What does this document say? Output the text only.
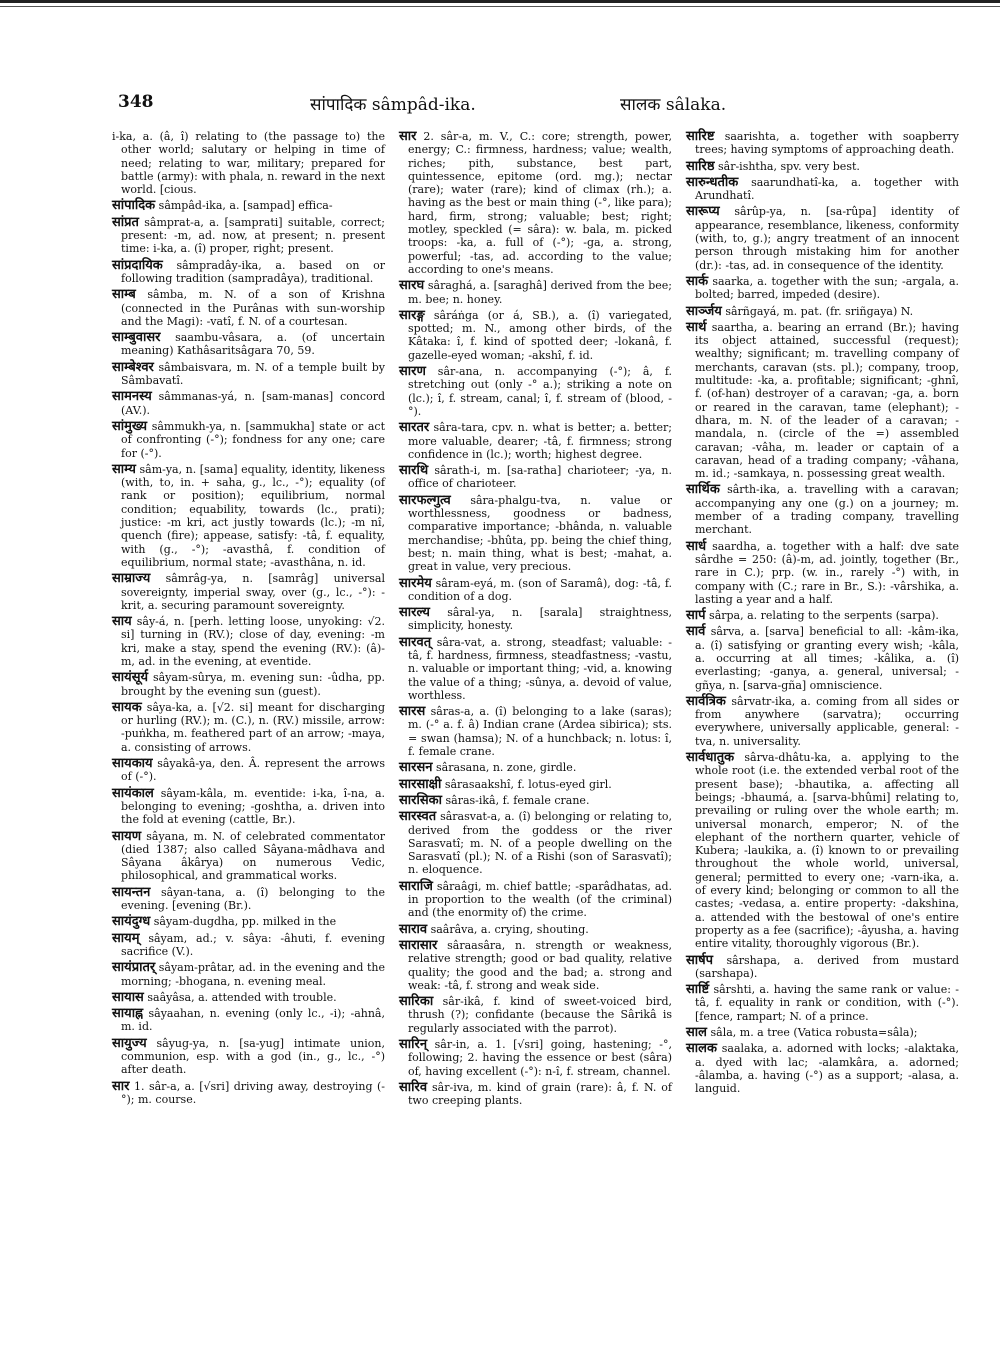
348	सांपादिक sâmpâd-ika.	सालक sâlaka.

i-ka, a. (â, î) relating to (the passage to) the other world; salutary or helping in time of need; relating to war, military; prepared for battle (army): with phala, n. reward in the next world. [cious.

सांपादिक sâmpâd-ika, a. [sampad] effica-

सांप्रत sâmprat-a, a. [samprati] suitable, correct; present: -m, ad. now, at present; n. present time: i-ka, a. (î) proper, right; present.

सांप्रदायिक sâmpradây-ika, a. based on or following tradition (sampradâya), traditional.

साम्ब sâmba, m. N. of a son of Krishna (connected in the Purânas with sun-worship and the Magi): -vatî, f. N. of a courtesan.

साम्बुवासर saambu-vâsara, a. (of uncertain meaning) Kathâsaritsâgara 70, 59.

साम्बेश्वर sâmbaisvara, m. N. of a temple built by Sâmbavatî.

सामनस्य sâmmanas-yá, n. [sam-manas] concord (AV.).

सांमुख्य sâmmukh-ya, n. [sammukha] state or act of confronting (-°); fondness for any one; care for (-°).

साम्य sâm-ya, n. [sama] equality, identity, likeness (with, to, in. + saha, g., lc., -°); equality (of rank or position); equilibrium, normal condition; equability, towards (lc., prati); justice: -m kri, act justly towards (lc.); -m nî, quench (fire); appease, satisfy: -tâ, f. equality, with (g., -°); -avasthâ, f. condition of equilibrium, normal state; -avasthâna, n. id.

साम्राज्य sâmrâg-ya, n. [samrâg] universal sovereignty, imperial sway, over (g., lc., -°): -krit, a. securing paramount sovereignty.

साय sây-á, n. [perh. letting loose, unyoking: √2. si] turning in (RV.); close of day, evening: -m kri, make a stay, spend the evening (RV.): (â)-m, ad. in the evening, at eventide.

सायंसूर्य sâyam-sûrya, m. evening sun: -ûdha, pp. brought by the evening sun (guest).

सायक sâya-ka, a. [√2. si] meant for discharging or hurling (RV.); m. (C.), n. (RV.) missile, arrow: -puṅkha, m. feathered part of an arrow; -maya, a. consisting of arrows.

सायकाय sâyakâ-ya, den. Â. represent the arrows of (-°).

सायंकाल sâyam-kâla, m. eventide: i-ka, î-na, a. belonging to evening; -goshtha, a. driven into the fold at evening (cattle, Br.).

सायण sâyana, m. N. of celebrated commentator (died 1387; also called Sâyana-mâdhava and Sâyana âkârya) on numerous Vedic, philosophical, and grammatical works.

सायन्तन sâyan-tana, a. (î) belonging to the evening. [evening (Br.).

सायंदुग्ध sâyam-dugdha, pp. milked in the

सायम् sâyam, ad.; v. sâya: -âhuti, f. evening sacrifice (V.).

सायंप्रातर् sâyam-prâtar, ad. in the evening and the morning; -bhogana, n. evening meal.

सायास saâyâsa, a. attended with trouble.

सायाह्न sâyaahan, n. evening (only lc., -i); -ahnâ, m. id.

सायुज्य sâyug-ya, n. [sa-yug] intimate union, communion, esp. with a god (in., g., lc., -°) after death.

सार 1. sâr-a, a. [√sri] driving away, destroying (-°); m. course.

सार 2. sâr-a, m. V., C.: core; strength, power, energy; C.: firmness, hardness; value; wealth, riches; pith, substance, best part, quintessence, epitome (ord. mg.); nectar (rare); water (rare); kind of climax (rh.); a. having as the best or main thing (-°, like para); hard, firm, strong; valuable; best; right; motley, speckled (= sâra): w. bala, m. picked troops: -ka, a. full of (-°); -ga, a. strong, powerful; -tas, ad. according to the value; according to one's means.

सारघ sâraghá, a. [saraghâ] derived from the bee; m. bee; n. honey.

सारङ्ग sâráṅga (or á, SB.), a. (î) variegated, spotted; m. N., among other birds, of the Kâtaka: î, f. kind of spotted deer; -lokanâ, f. gazelle-eyed woman; -akshî, f. id.

सारण sâr-ana, n. accompanying (-°); â, f. stretching out (only -° a.); striking a note on (lc.); î, f. stream, canal; î, f. stream of (blood, -°).

सारतर sâra-tara, cpv. n. what is better; a. better; more valuable, dearer; -tâ, f. firmness; strong confidence in (lc.); worth; highest degree.

सारथि sârath-i, m. [sa-ratha] charioteer; -ya, n. office of charioteer.

सारफल्गुत्व sâra-phalgu-tva, n. value or worthlessness, goodness or badness, comparative importance; -bhânda, n. valuable merchandise; -bhûta, pp. being the chief thing, best; n. main thing, what is best; -mahat, a. great in value, very precious.

सारमेय sâram-eyá, m. (son of Saramâ), dog: -tâ, f. condition of a dog.

सारल्य sâral-ya, n. [sarala] straightness, simplicity, honesty.

सारवत् sâra-vat, a. strong, steadfast; valuable: -tâ, f. hardness, firmness, steadfastness; -vastu, n. valuable or important thing; -vid, a. knowing the value of a thing; -sûnya, a. devoid of value, worthless.

सारस sâras-a, a. (î) belonging to a lake (saras); m. (-° a. f. â) Indian crane (Ardea sibirica); sts. = swan (hamsa); N. of a hunchback; n. lotus: î, f. female crane.

सारसन sârasana, n. zone, girdle.

सारसाक्षी sârasaakshî, f. lotus-eyed girl.

सारसिका sâras-ikâ, f. female crane.

सारस्वत sârasvat-a, a. (î) belonging or relating to, derived from the goddess or the river Sarasvatî; m. N. of a people dwelling on the Sarasvatî (pl.); N. of a Rishi (son of Sarasvatî); n. eloquence.

साराजि sâraâgi, m. chief battle; -sparâdhatas, ad. in proportion to the wealth (of the criminal) and (the enormity of) the crime.

साराव saârâva, a. crying, shouting.

सारासार sâraasâra, n. strength or weakness, relative strength; good or bad quality, relative quality; the good and the bad; a. strong and weak: -tâ, f. strong and weak side.

सारिका sâr-ikâ, f. kind of sweet-voiced bird, thrush (?); confidante (because the Sârikâ is regularly associated with the parrot).

सारिन् sâr-in, a. 1. [√sri] going, hastening; -°, following; 2. having the essence or best (sâra) of, having excellent (-°): n-î, f. stream, channel.

सारिव sâr-iva, m. kind of grain (rare): â, f. N. of two creeping plants.

सारिष्ट saarishta, a. together with soapberry trees; having symptoms of approaching death.

सारिष्ठ sâr-ishtha, spv. very best.

सारुन्धतीक saarundhatî-ka, a. together with Arundhatî.

सारूप्य sârûp-ya, n. [sa-rûpa] identity of appearance, resemblance, likeness, conformity (with, to, g.); angry treatment of an innocent person through mistaking him for another (dr.): -tas, ad. in consequence of the identity.

सार्क saarka, a. together with the sun; -argala, a. bolted; barred, impeded (desire).

सार्ञ्जय sârñgayá, m. pat. (fr. sriñgaya) N.

सार्थ saartha, a. bearing an errand (Br.); having its object attained, successful (request); wealthy; significant; m. travelling company of merchants, caravan (sts. pl.); company, troop, multitude: -ka, a. profitable; significant; -ghnî, f. (of-han) destroyer of a caravan; -ga, a. born or reared in the caravan, tame (elephant); -dhara, m. N. of the leader of a caravan; -mandala, n. (circle of the =) assembled caravan; -vâha, m. leader or captain of a caravan, head of a trading company; -vâhana, m. id.; -samkaya, n. possessing great wealth.

सार्थिक sârth-ika, a. travelling with a caravan; accompanying any one (g.) on a journey; m. member of a trading company, travelling merchant.

सार्ध saardha, a. together with a half: dve sate sârdhe = 250: (â)-m, ad. jointly, together (Br., rare in C.); prp. (w. in., rarely -°) with, in company with (C.; rare in Br., S.): -vârshika, a. lasting a year and a half.

सार्प sârpa, a. relating to the serpents (sarpa).

सार्व sârva, a. [sarva] beneficial to all: -kâm-ika, a. (î) satisfying or granting every wish; -kâla, a. occurring at all times; -kâlika, a. (î) everlasting; -ganya, a. general, universal; -gñya, n. [sarva-gña] omniscience.

सार्वत्रिक sârvatr-ika, a. coming from all sides or from anywhere (sarvatra); occurring everywhere, universally applicable, general: -tva, n. universality.

सार्वधातुक sârva-dhâtu-ka, a. applying to the whole root (i.e. the extended verbal root of the present base); -bhautika, a. affecting all beings; -bhaumá, a. [sarva-bhûmi] relating to, prevailing or ruling over the whole earth; m. universal monarch, emperor; N. of the elephant of the northern quarter, vehicle of Kubera; -laukika, a. (î) known to or prevailing throughout the whole world, universal, general; permitted to every one; -varn-ika, a. of every kind; belonging or common to all the castes; -vedasa, a. entire property: -dakshina, a. attended with the bestowal of one's entire property as a fee (sacrifice); -âyusha, a. having entire vitality, thoroughly vigorous (Br.).

सार्षप sârshapa, a. derived from mustard (sarshapa).

सार्ष्टि sârshti, a. having the same rank or value: -tâ, f. equality in rank or condition, with (-°). [fence, rampart; N. of a prince.

साल sâla, m. a tree (Vatica robusta=sâla);

सालक saalaka, a. adorned with locks; -alaktaka, a. dyed with lac; -alamkâra, a. adorned; -âlamba, a. having (-°) as a support; -alasa, a. languid.
